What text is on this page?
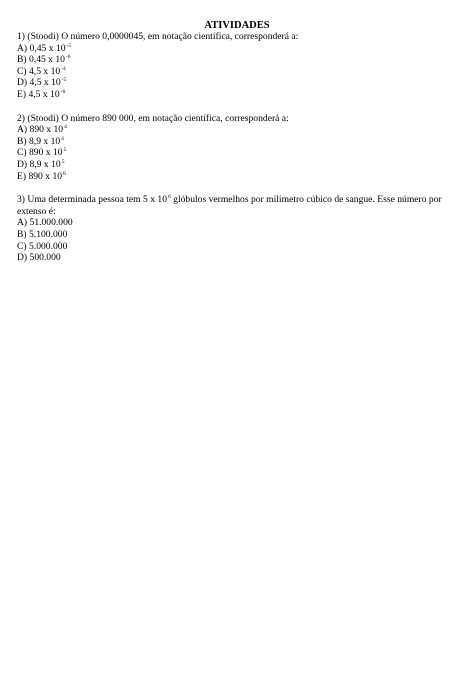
ATIVIDADES
1) (Stoodi) O número 0,0000045, em notação científica, corresponderá a:
A) 0,45 x $10^{-5}$
B) 0,45 x $10^{-6}$
C) 4,5 x $10^{-4}$
D) 4,5 x $10^{-5}$
E) 4,5 x $10^{-6}$
2) (Stoodi) O número 890 000, em notação científica, corresponderá a:
A) 890 x $10^4$
B) 8,9 x $10^4$
C) 890 x $10^5$
D) 8,9 x $10^5$
E) 890 x $10^6$
3) Uma determinada pessoa tem 5 x $10^6$ glóbulos vermelhos por milímetro cúbico de sangue. Esse número por extenso é:
A) 51.000.000
B) 5.100.000
C) 5.000.000
D) 500.000
